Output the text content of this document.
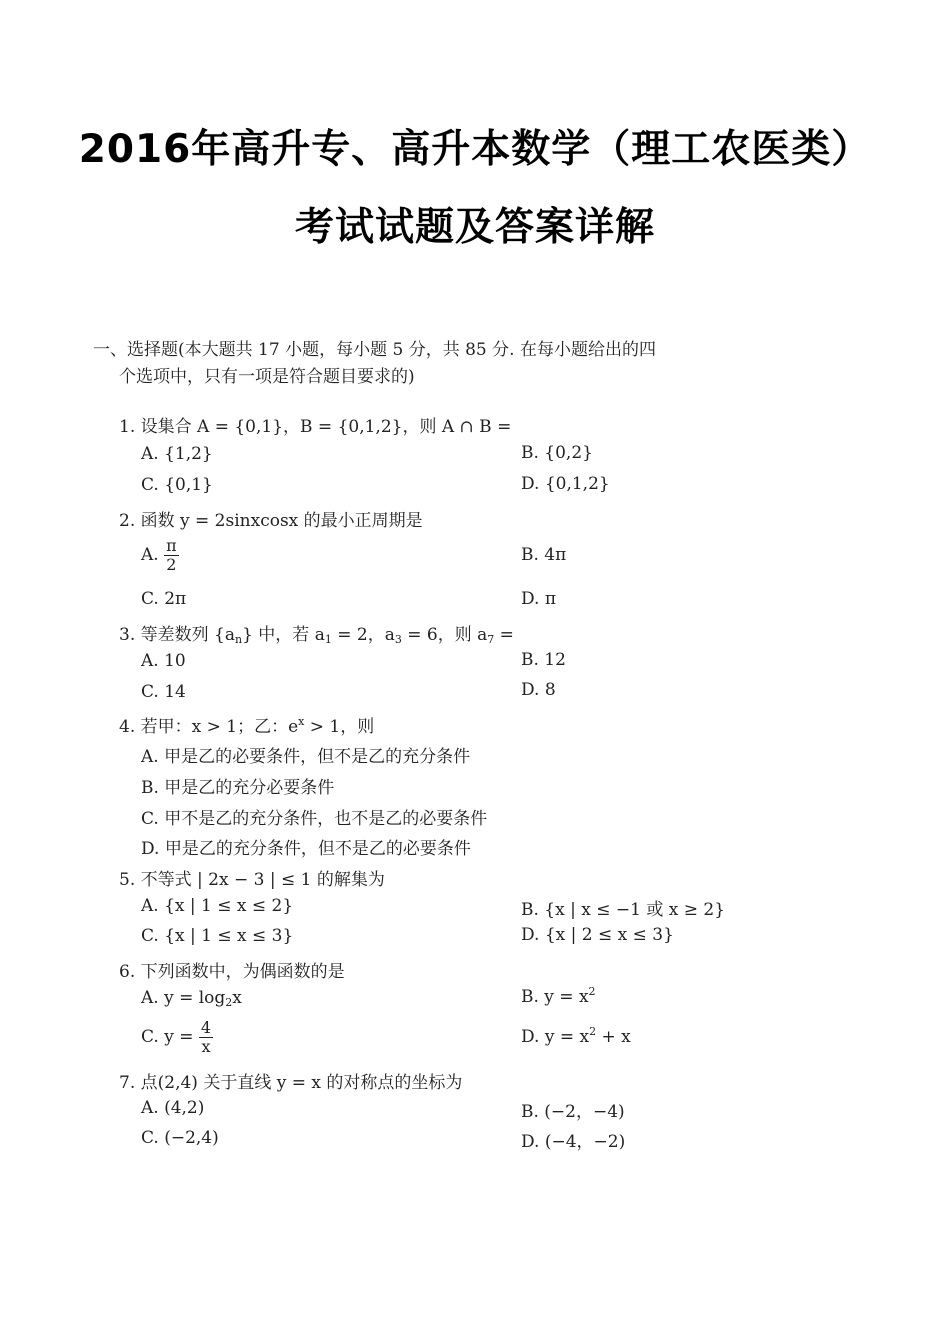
2016年高升专、高升本数学（理工农医类）
考试试题及答案详解
一、选择题(本大题共 17 小题，每小题 5 分，共 85 分. 在每小题给出的四
个选项中，只有一项是符合题目要求的)
1. 设集合 A = {0,1}，B = {0,1,2}，则 A ∩ B =
A. {1,2}	B. {0,2}
C. {0,1}	D. {0,1,2}
2. 函数 y = 2sinxcosx 的最小正周期是
A. $\frac{\pi}{2}$	B. 4π
C. 2π	D. π
3. 等差数列 $\{a_n\}$ 中，若 $a_1 = 2$，$a_3 = 6$，则 $a_7$ =
A. 10	B. 12
C. 14	D. 8
4. 若甲：x > 1；乙：$e^x > 1$，则
A. 甲是乙的必要条件，但不是乙的充分条件
B. 甲是乙的充分必要条件
C. 甲不是乙的充分条件，也不是乙的必要条件
D. 甲是乙的充分条件，但不是乙的必要条件
5. 不等式 | 2x − 3 | ≤ 1 的解集为
A. {x | 1 ≤ x ≤ 2}	B. {x | x ≤ −1 或 x ≥ 2}
C. {x | 1 ≤ x ≤ 3}	D. {x | 2 ≤ x ≤ 3}
6. 下列函数中，为偶函数的是
A. $y = \log_2x$	B. $y = x^2$
C. $y = \frac{4}{x}$	D. $y = x^2 + x$
7. 点(2,4) 关于直线 y = x 的对称点的坐标为
A. (4,2)	B. (−2，−4)
C. (−2,4)	D. (−4，−2)
